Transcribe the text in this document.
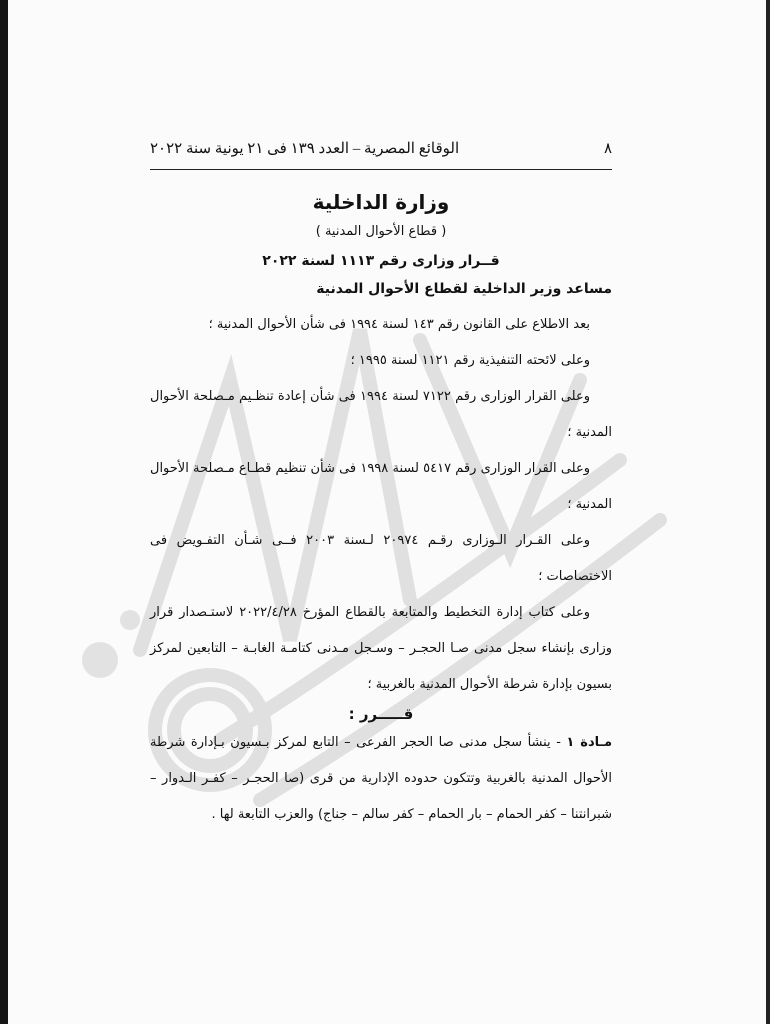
٨
الوقائع المصرية – العدد ١٣٩ فى ٢١ يونية سنة ٢٠٢٢
وزارة الداخلية
( قطاع الأحوال المدنية )
قــرار وزارى رقم ١١١٣ لسنة ٢٠٢٢
مساعد وزير الداخلية لقطاع الأحوال المدنية

بعد الاطلاع على القانون رقم ١٤٣ لسنة ١٩٩٤ فى شأن الأحوال المدنية ؛

وعلى لائحته التنفيذية رقم ١١٢١ لسنة ١٩٩٥ ؛

وعلى القرار الوزارى رقم ٧١٢٢ لسنة ١٩٩٤ فى شأن إعادة تنظـيم مـصلحة الأحوال المدنية ؛

وعلى القرار الوزارى رقم ٥٤١٧ لسنة ١٩٩٨ فى شأن تنظيم قطـاع مـصلحة الأحوال المدنية ؛

وعلى القـرار الـوزارى رقـم ٢٠٩٧٤ لـسنة ٢٠٠٣ فــى شـأن التفـويض فى الاختصاصات ؛

وعلى كتاب إدارة التخطيط والمتابعة بالقطاع المؤرخ ٢٠٢٢/٤/٢٨ لاستـصدار قرار وزارى بإنشاء سجل مدنى صـا الحجـر – وسـجل مـدنى كتامـة الغابـة – التابعين لمركز بسيون بإدارة شرطة الأحوال المدنية بالغربية ؛

قـــــرر :

مـادة ١ - ينشأ سجل مدنى صا الحجر الفرعى – التابع لمركز بـسيون بـإدارة شرطة الأحوال المدنية بالغربية وتتكون حدوده الإدارية من قرى (صا الحجـر – كفـر الـدوار – شبرانتنا – كفر الحمام – بار الحمام – كفر سالم – جناج) والعزب التابعة لها .
